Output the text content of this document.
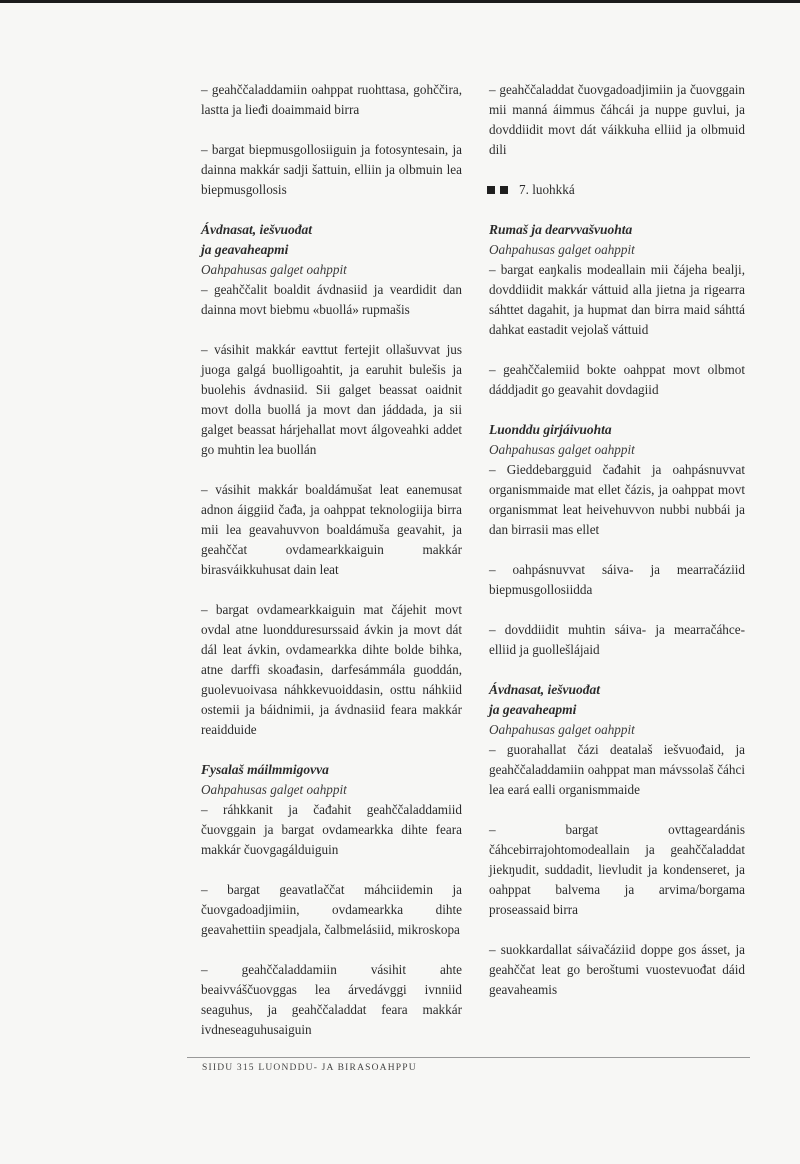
– geahččaladdamiin oahppat ruohttasa, gohččira, lastta ja lieđi doaimmaid birra

– bargat biepmusgollosiiguin ja fotosyntesain, ja dainna makkár sadji šattuin, elliin ja olbmuin lea biepmusgollosis

Ávdnasat, iešvuođat

ja geavaheapmi

Oahpahusas galget oahppit

– geahččalit boaldit ávdnasiid ja veardidit dan dainna movt biebmu «buollá» rupmašis

– vásihit makkár eavttut fertejit ollašuvvat jus juoga galgá buolligoahtit, ja earuhit bulešis ja buolehis ávdnasiid. Sii galget beassat oaidnit movt dolla buollá ja movt dan jáddada, ja sii galget beassat hárjehallat movt álgoveahki addet go muhtin lea buollán

– vásihit makkár boaldámušat leat eanemusat adnon áiggiid čađa, ja oahppat teknologiija birra mii lea geavahuvvon boaldámuša geavahit, ja geahččat ovdamearkkaiguin makkár birasváikkuhusat dain leat

– bargat ovdamearkkaiguin mat čájehit movt ovdal atne luondduresurssaid ávkin ja movt dát dál leat ávkin, ovdamearkka dihte bolde bihka, atne darffi skoađasin, darfesámmála guoddán, guolevuoivasa náhkkevuoiddasin, osttu náhkiid ostemii ja báidnimii, ja ávdnasiid feara makkár reaidduide

Fysalaš máilmmigovva

Oahpahusas galget oahppit

– ráhkkanit ja čađahit geahččaladdamiid čuovggain ja bargat ovdamearkka dihte feara makkár čuovgagálduiguin

– bargat geavatlaččat máhciidemin ja čuovgadoadjimiin, ovdamearkka dihte geavahettiin speadjala, čalbmelásiid, mikroskopa

– geahččaladdamiin vásihit ahte beaivváščuovggas lea árvedávggi ivnniid seaguhus, ja geahččaladdat feara makkár ivdneseaguhusaiguin

– geahččaladdat čuovgadoadjimiin ja čuovggain mii manná áimmus čáhcái ja nuppe guvlui, ja dovddiidit movt dát váikkuha elliid ja olbmuid dili

7. luohkká

Rumaš ja dearvvašvuohta

Oahpahusas galget oahppit

– bargat eaŋkalis modeallain mii čájeha bealji, dovddiidit makkár váttuid alla jietna ja rigearra sáhttet dagahit, ja hupmat dan birra maid sáhttá dahkat eastadit vejolaš váttuid

– geahččalemiid bokte oahppat movt olbmot dáddjadit go geavahit dovdagiid

Luonddu girjáivuohta

Oahpahusas galget oahppit

– Gieddebargguid čađahit ja oahpásnuvvat organismmaide mat ellet čázis, ja oahppat movt organismmat leat heivehuvvon nubbi nubbái ja dan birrasii mas ellet

– oahpásnuvvat sáiva- ja mearračáziid biepmusgollosiidda

– dovddiidit muhtin sáiva- ja mearračáhce- elliid ja guollešlájaid

Ávdnasat, iešvuođat

ja geavaheapmi

Oahpahusas galget oahppit

– guorahallat čázi deatalaš iešvuođaid, ja geahččaladdamiin oahppat man mávssolaš čáhci lea eará ealli organismmaide

– bargat ovttageardánis čáhcebirrajohtomodeallain ja geahččaladdat jiekŋudit, suddadit, lievludit ja kondenseret, ja oahppat balvema ja arvima/borgama proseassaid birra

– suokkardallat sáivačáziid doppe gos ásset, ja geahččat leat go beroštumi vuostevuođat dáid geavaheamis

SIIDU 315 LUONDDU- JA BIRASOAHPPU
